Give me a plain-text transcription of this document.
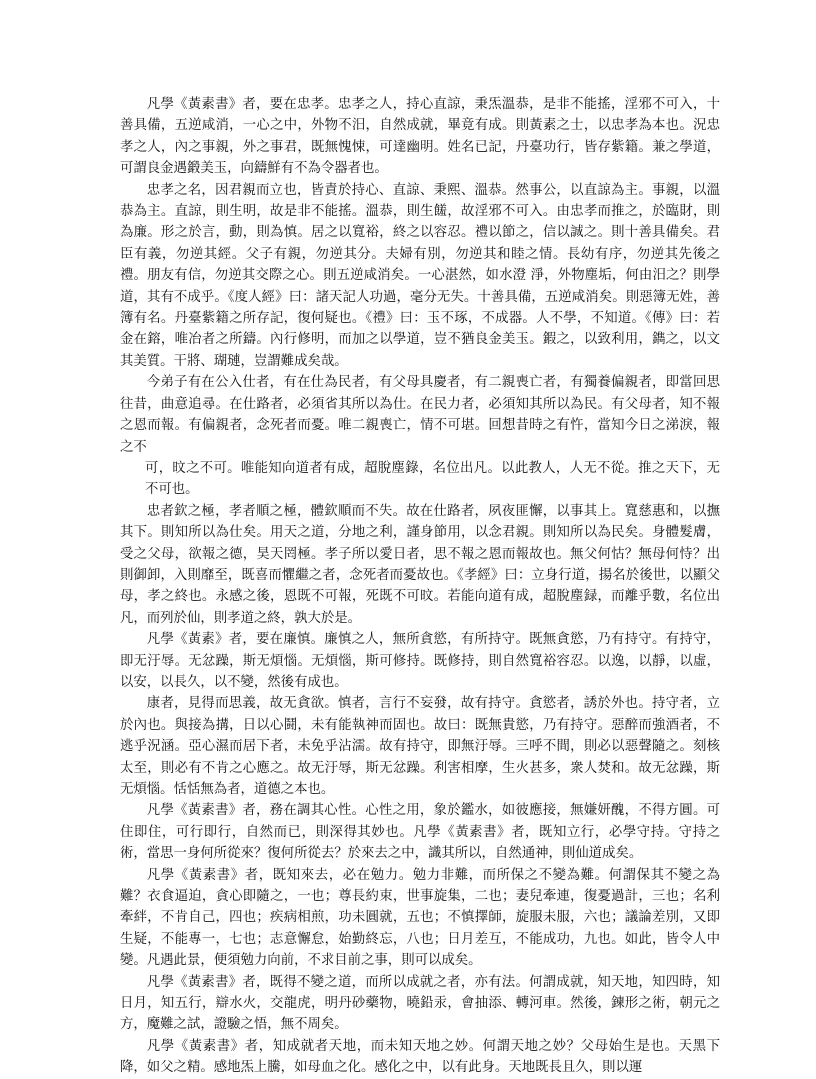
凡學《黃素書》者，要在忠孝。忠孝之人，持心直諒，秉炁溫恭，是非不能搖，淫邪不可入，十善具備，五逆咸消，一心之中，外物不汨，自然成就，畢竟有成。則黃素之士，以忠孝為本也。況忠孝之人，內之事親，外之事君，既無愧悚，可達幽明。姓名已記，丹臺功行，皆存紫籍。兼之學道，可謂良金遇鍛美玉，向鑄鮮有不為令器者也。

忠孝之名，因君親而立也，皆責於持心、直諒、秉熙、溫恭。然事公，以直諒為主。事親，以溫恭為主。直諒，則生明，故是非不能搖。溫恭，則生饈，故淫邪不可入。由忠孝而推之，於臨財，則為廉。形之於言，動，則為慎。居之以寬裕，終之以容忍。禮以節之，信以誠之。則十善具備矣。君臣有義，勿逆其經。父子有親，勿逆其分。夫婦有別，勿逆其和睦之情。長幼有序，勿逆其先後之禮。朋友有信，勿逆其交際之心。則五逆咸消矣。一心湛然，如水澄 淨，外物塵垢，何由汨之？則學道，其有不成乎。《度人經》曰：諸天記人功過，毫分无失。十善具備，五逆咸消矣。則惡簿无姓，善簿有名。丹臺紫籍之所存記，復何疑也。《禮》曰：玉不琢，不成器。人不學，不知道。《傳》曰：若金在鎔，唯冶者之所鑄。內行修明，而加之以學道，豈不猶良金美玉。鍜之，以致利用，鐫之，以文其美質。干將、瑚璉，豈謂難成矣哉。

今弟子有在公入仕者，有在仕為民者，有父母具慶者，有二親喪亡者，有獨養偏親者，即當回思往昔，曲意追尋。在仕路者，必須省其所以為仕。在民力者，必須知其所以為民。有父母者，知不報之恩而報。有偏親者，念死者而憂。唯二親喪亡，情不可堪。回想昔時之有忤，當知今日之涕淚，報之不

可，旼之不可。唯能知向道者有成，超脫塵錄，名位出凡。以此教人，人无不從。推之天下，无不可也。

忠者欽之極，孝者順之極，體欽順而不失。故在仕路者，夙夜匪懈，以事其上。寬慈惠和，以撫其下。則知所以為仕矣。用天之道，分地之利，謹身節用，以念君親。則知所以為民矣。身體髮膚，受之父母，欲報之德，昊天罔極。孝子所以愛日者，思不報之恩而報故也。無父何怙？無母何恃？出則御卸，入則靡至，既喜而懼繼之者，念死者而憂故也。《孝經》曰：立身行道，揚名於後世，以顯父母，孝之終也。永感之後，恩既不可報，死既不可旼。若能向道有成，超脫塵録，而離乎數，名位出凡，而列於仙，則孝道之終，孰大於是。

凡學《黃素》者，要在廉慎。廉慎之人，無所貪慾，有所持守。既無貪慾，乃有持守。有持守，即无汙辱。无忿躁，斯无煩惱。无煩惱，斯可修持。既修持，則自然寬裕容忍。以逸，以靜，以虛，以安，以長久，以不變，然後有成也。

康者，見得而思義，故无貪欲。慎者，言行不妄發，故有持守。貪慾者，誘於外也。持守者，立於內也。與接為搆，日以心鬪，未有能執神而固也。故曰：既無貴慾，乃有持守。惡醉而強酒者，不逃乎況涵。亞心濕而居下者，未免乎沾濡。故有持守，即無汙辱。三呼不間，則必以惡聲隨之。刻核太至，則必有不肯之心應之。故无汙辱，斯无忿躁。利害相摩，生火甚多，衆人焚和。故无忿躁，斯无煩惱。恬恬無為者，道德之本也。

凡學《黃素書》者，務在調其心性。心性之用，象於鑑水，如彼應接，無嫌妍醜，不得方圓。可住即住，可行即行，自然而已，則深得其妙也。凡學《黃素書》者，既知立行，必學守持。守持之術，當思一身何所從來？復何所從去？於來去之中，識其所以，自然通神，則仙道成矣。

凡學《黃素書》者，既知來去，必在勉力。勉力非難，而所保之不變為難。何謂保其不變之為難？衣食逼迫，貪心即隨之，一也；尊長約束，世事旋集，二也；妻兒牽連，復憂過計，三也；名利牽絆，不肯自己，四也；疾病相煎，功未圓就，五也；不慎擇師，旋服未服，六也；議論差別，又即生疑，不能專一，七也；志意懈怠，始勤終忘，八也；日月差互，不能成功，九也。如此，皆令人中變。凡遇此景，便須勉力向前，不求目前之事，則可以成矣。

凡學《黃素書》者，既得不變之道，而所以成就之者，亦有法。何謂成就，知天地，知四時，知日月，知五行，辯水火，交龍虎，明丹砂藥物，曉鉛汞，會抽添、轉河車。然後，鍊形之術，朝元之方，魔難之試，證驗之悟，無不周矣。

凡學《黃素書》者，知成就者天地，而未知天地之妙。何謂天地之妙？父母始生是也。天黑下降，如父之精。感地炁上騰，如母血之化。感化之中，以有此身。天地既長且久，則以運
